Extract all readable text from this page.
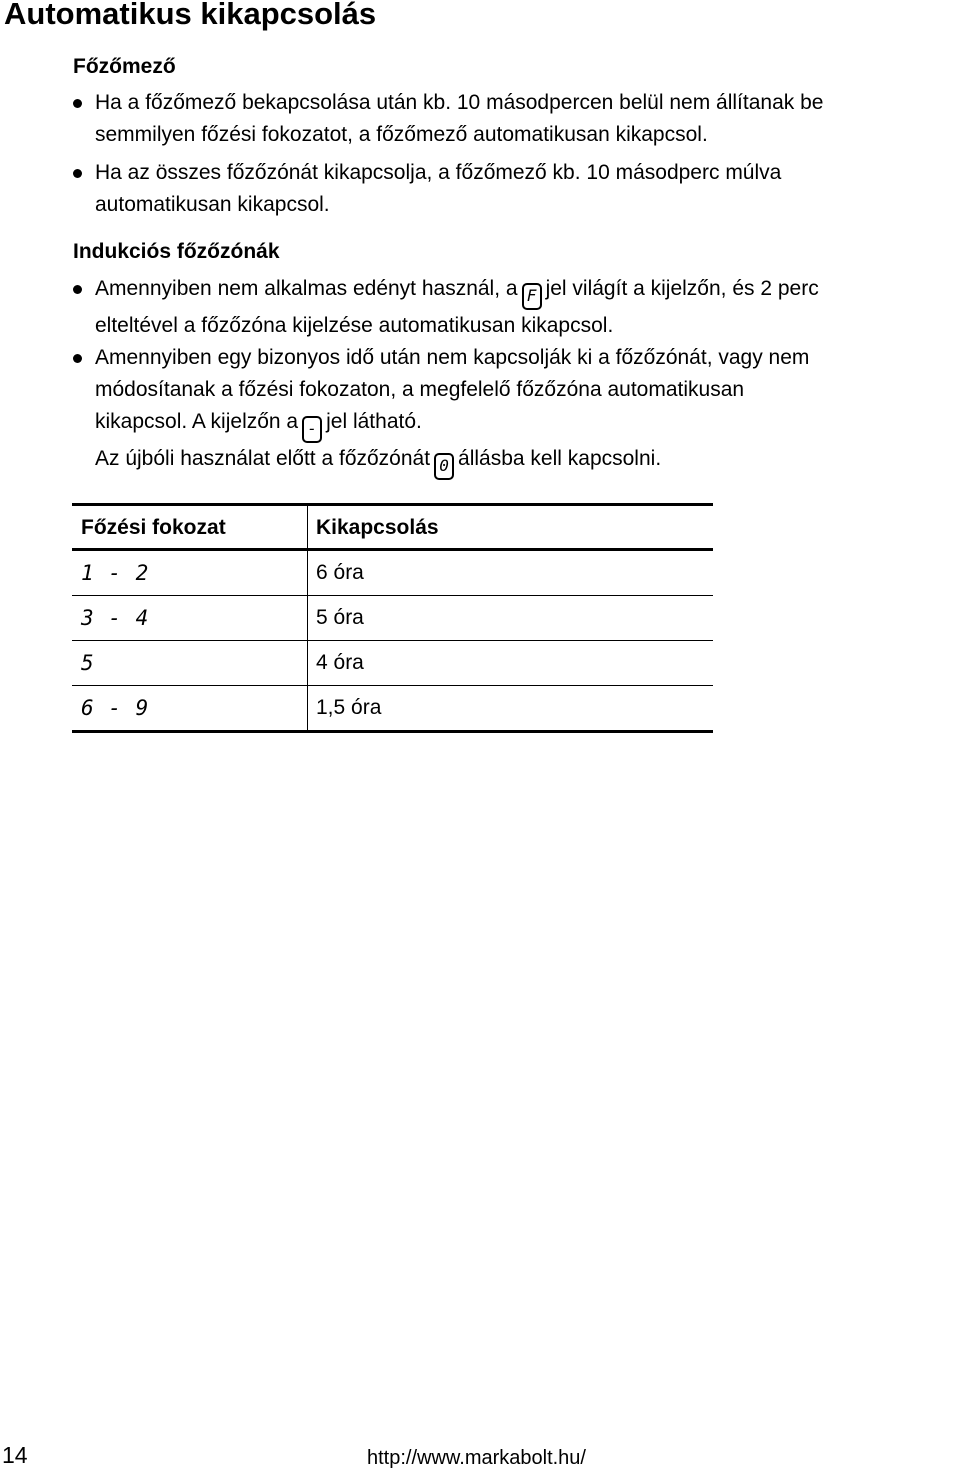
Automatikus kikapcsolás
Főzőmező
Ha a főzőmező bekapcsolása után kb. 10 másodpercen belül nem állítanak be
semmilyen főzési fokozatot, a főzőmező automatikusan kikapcsol.
Ha az összes főzőzónát kikapcsolja, a főzőmező kb. 10 másodperc múlva
automatikusan kikapcsol.
Indukciós főzőzónák
Amennyiben nem alkalmas edényt használ, a F jel világít a kijelzőn, és 2 perc
elteltével a főzőzóna kijelzése automatikusan kikapcsol.
Amennyiben egy bizonyos idő után nem kapcsolják ki a főzőzónát, vagy nem
módosítanak a főzési fokozaton, a megfelelő főzőzóna automatikusan
kikapcsol. A kijelzőn a - jel látható.
Az újbóli használat előtt a főzőzónát 0 állásba kell kapcsolni.
Főzési fokozat	Kikapcsolás
1 - 2	6 óra
3 - 4	5 óra
5	4 óra
6 - 9	1,5 óra
14	http://www.markabolt.hu/
